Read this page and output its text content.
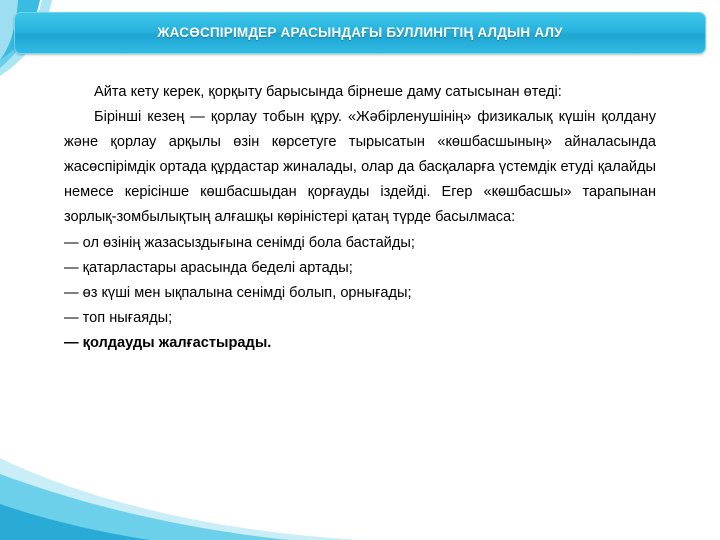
ЖАСӨСПІРІМДЕР АРАСЫНДАҒЫ БУЛЛИНГТІҢ АЛДЫН АЛУ

Айта кету керек, қорқыту барысында бірнеше даму сатысынан өтеді:

Бірінші кезең — қорлау тобын құру. «Жәбірленушінің» физикалық күшін қолдану және қорлау арқылы өзін көрсетуге тырысатын «көшбасшының» айналасында жасөспірімдік ортада құрдастар жиналады, олар да басқаларға үстемдік етуді қалайды немесе керісінше көшбасшыдан қорғауды іздейді. Егер «көшбасшы» тарапынан зорлық-зомбылықтың алғашқы көріністері қатаң түрде басылмаса:

— ол өзінің жазасыздығына сенімді бола бастайды;

— қатарластары арасында беделі артады;

— өз күші мен ықпалына сенімді болып, орнығады;

— топ нығаяды;

— қолдауды жалғастырады.
